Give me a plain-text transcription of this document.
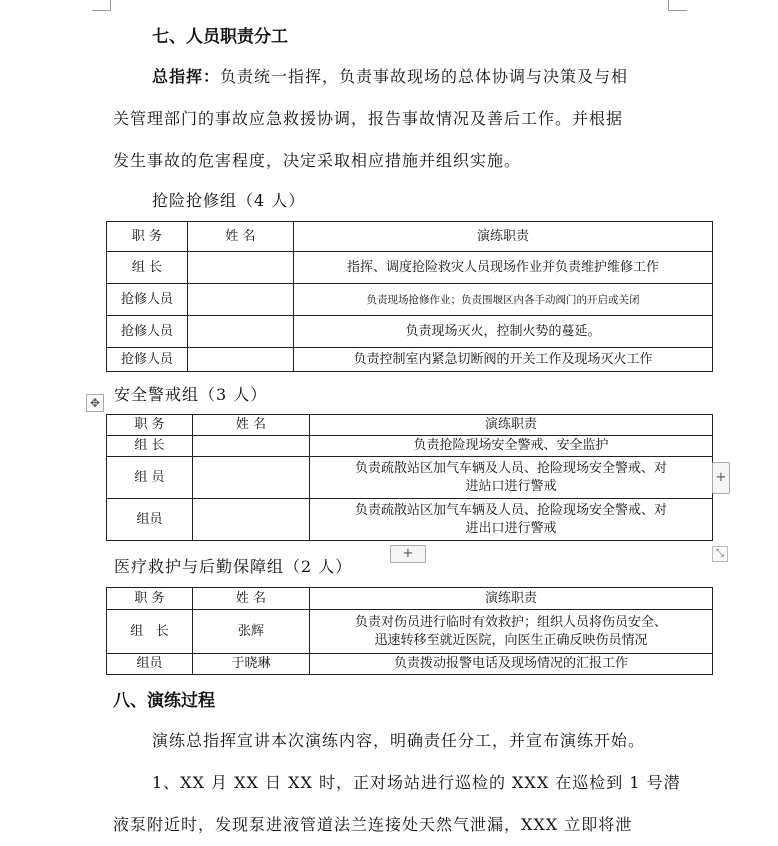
七、人员职责分工
总指挥：负责统一指挥，负责事故现场的总体协调与决策及与相
关管理部门的事故应急救援协调，报告事故情况及善后工作。并根据
发生事故的危害程度，决定采取相应措施并组织实施。
抢险抢修组（4 人）
职 务	姓 名	演练职责
组 长		指挥、调度抢险救灾人员现场作业并负责维护维修工作
抢修人员		负责现场抢修作业；负责围堰区内各手动阀门的开启或关闭
抢修人员		负责现场灭火，控制火势的蔓延。
抢修人员		负责控制室内紧急切断阀的开关工作及现场灭火工作
✥ 安全警戒组（3 人）
职 务	姓 名	演练职责
组 长		负责抢险现场安全警戒、安全监护

组 员		负责疏散站区加气车辆及人员、抢险现场安全警戒、对
进站口进行警戒

组员		负责疏散站区加气车辆及人员、抢险现场安全警戒、对
进出口进行警戒
+
+	⤡
医疗救护与后勤保障组（2 人）
职 务	姓 名	演练职责
组   长	张辉	负责对伤员进行临时有效救护；组织人员将伤员安全、
迅速转移至就近医院，向医生正确反映伤员情况

组员	于晓琳	负责拨动报警电话及现场情况的汇报工作
八、演练过程
演练总指挥宣讲本次演练内容，明确责任分工，并宣布演练开始。
1、XX 月 XX 日 XX 时，正对场站进行巡检的 XXX 在巡检到 1 号潜
液泵附近时，发现泵进液管道法兰连接处天然气泄漏，XXX 立即将泄
